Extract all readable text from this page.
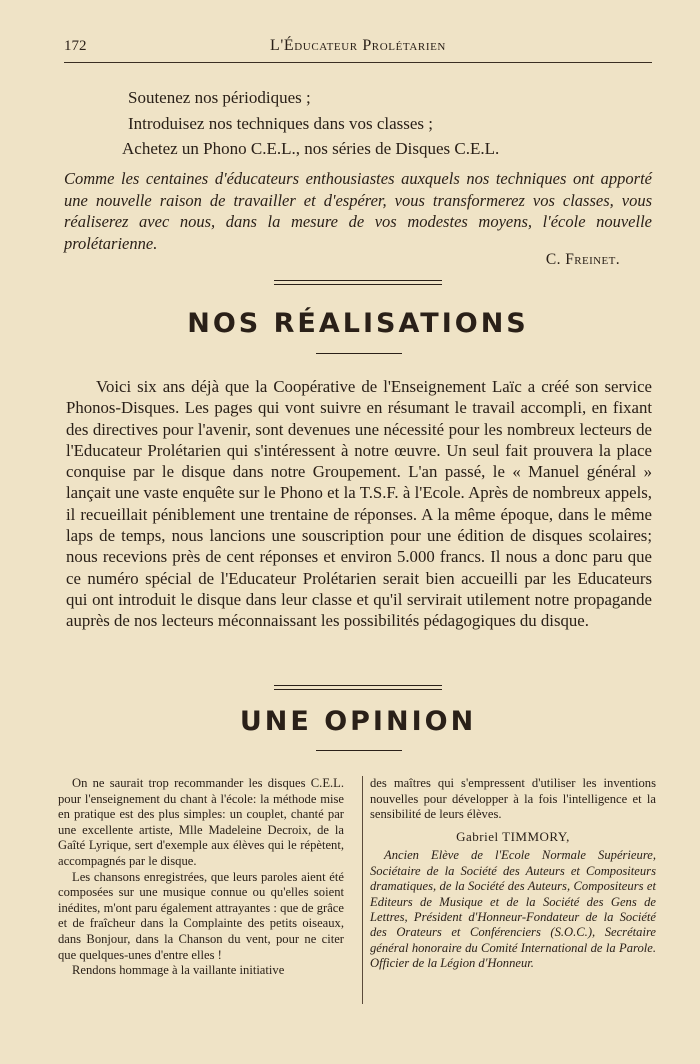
172	L'Éducateur Prolétarien
Soutenez nos périodiques ;
Introduisez nos techniques dans vos classes ;
Achetez un Phono C.E.L., nos séries de Disques C.E.L.
Comme les centaines d'éducateurs enthousiastes auxquels nos techniques ont apporté une nouvelle raison de travailler et d'espérer, vous transformerez vos classes, vous réaliserez avec nous, dans la mesure de vos modestes moyens, l'école nouvelle prolétarienne.
C. Freinet.
NOS RÉALISATIONS
Voici six ans déjà que la Coopérative de l'Enseignement Laïc a créé son service Phonos-Disques. Les pages qui vont suivre en résumant le travail accompli, en fixant des directives pour l'avenir, sont devenues une nécessité pour les nombreux lecteurs de l'Educateur Prolétarien qui s'intéressent à notre œuvre. Un seul fait prouvera la place conquise par le disque dans notre Groupement. L'an passé, le « Manuel général » lançait une vaste enquête sur le Phono et la T.S.F. à l'Ecole. Après de nombreux appels, il recueillait péniblement une trentaine de réponses. A la même époque, dans le même laps de temps, nous lancions une souscription pour une édition de disques scolaires; nous recevions près de cent réponses et environ 5.000 francs. Il nous a donc paru que ce numéro spécial de l'Educateur Prolétarien serait bien accueilli par les Educateurs qui ont introduit le disque dans leur classe et qu'il servirait utilement notre propagande auprès de nos lecteurs méconnaissant les possibilités pédagogiques du disque.
UNE OPINION

On ne saurait trop recommander les disques C.E.L. pour l'enseignement du chant à l'école: la méthode mise en pratique est des plus simples: un couplet, chanté par une excellente artiste, Mlle Madeleine Decroix, de la Gaîté Lyrique, sert d'exemple aux élèves qui le répètent, accompagnés par le disque.

Les chansons enregistrées, que leurs paroles aient été composées sur une musique connue ou qu'elles soient inédites, m'ont paru également attrayantes : que de grâce et de fraîcheur dans la Complainte des petits oiseaux, dans Bonjour, dans la Chanson du vent, pour ne citer que quelques-unes d'entre elles !

Rendons hommage à la vaillante initiative

des maîtres qui s'empressent d'utiliser les inventions nouvelles pour développer à la fois l'intelligence et la sensibilité de leurs élèves.

Gabriel TIMMORY,
Ancien Elève de l'Ecole Normale Supérieure, Sociétaire de la Société des Auteurs et Compositeurs dramatiques, de la Société des Auteurs, Compositeurs et Editeurs de Musique et de la Société des Gens de Lettres, Président d'Honneur-Fondateur de la Société des Orateurs et Conférenciers (S.O.C.), Secrétaire général honoraire du Comité International de la Parole. Officier de la Légion d'Honneur.
